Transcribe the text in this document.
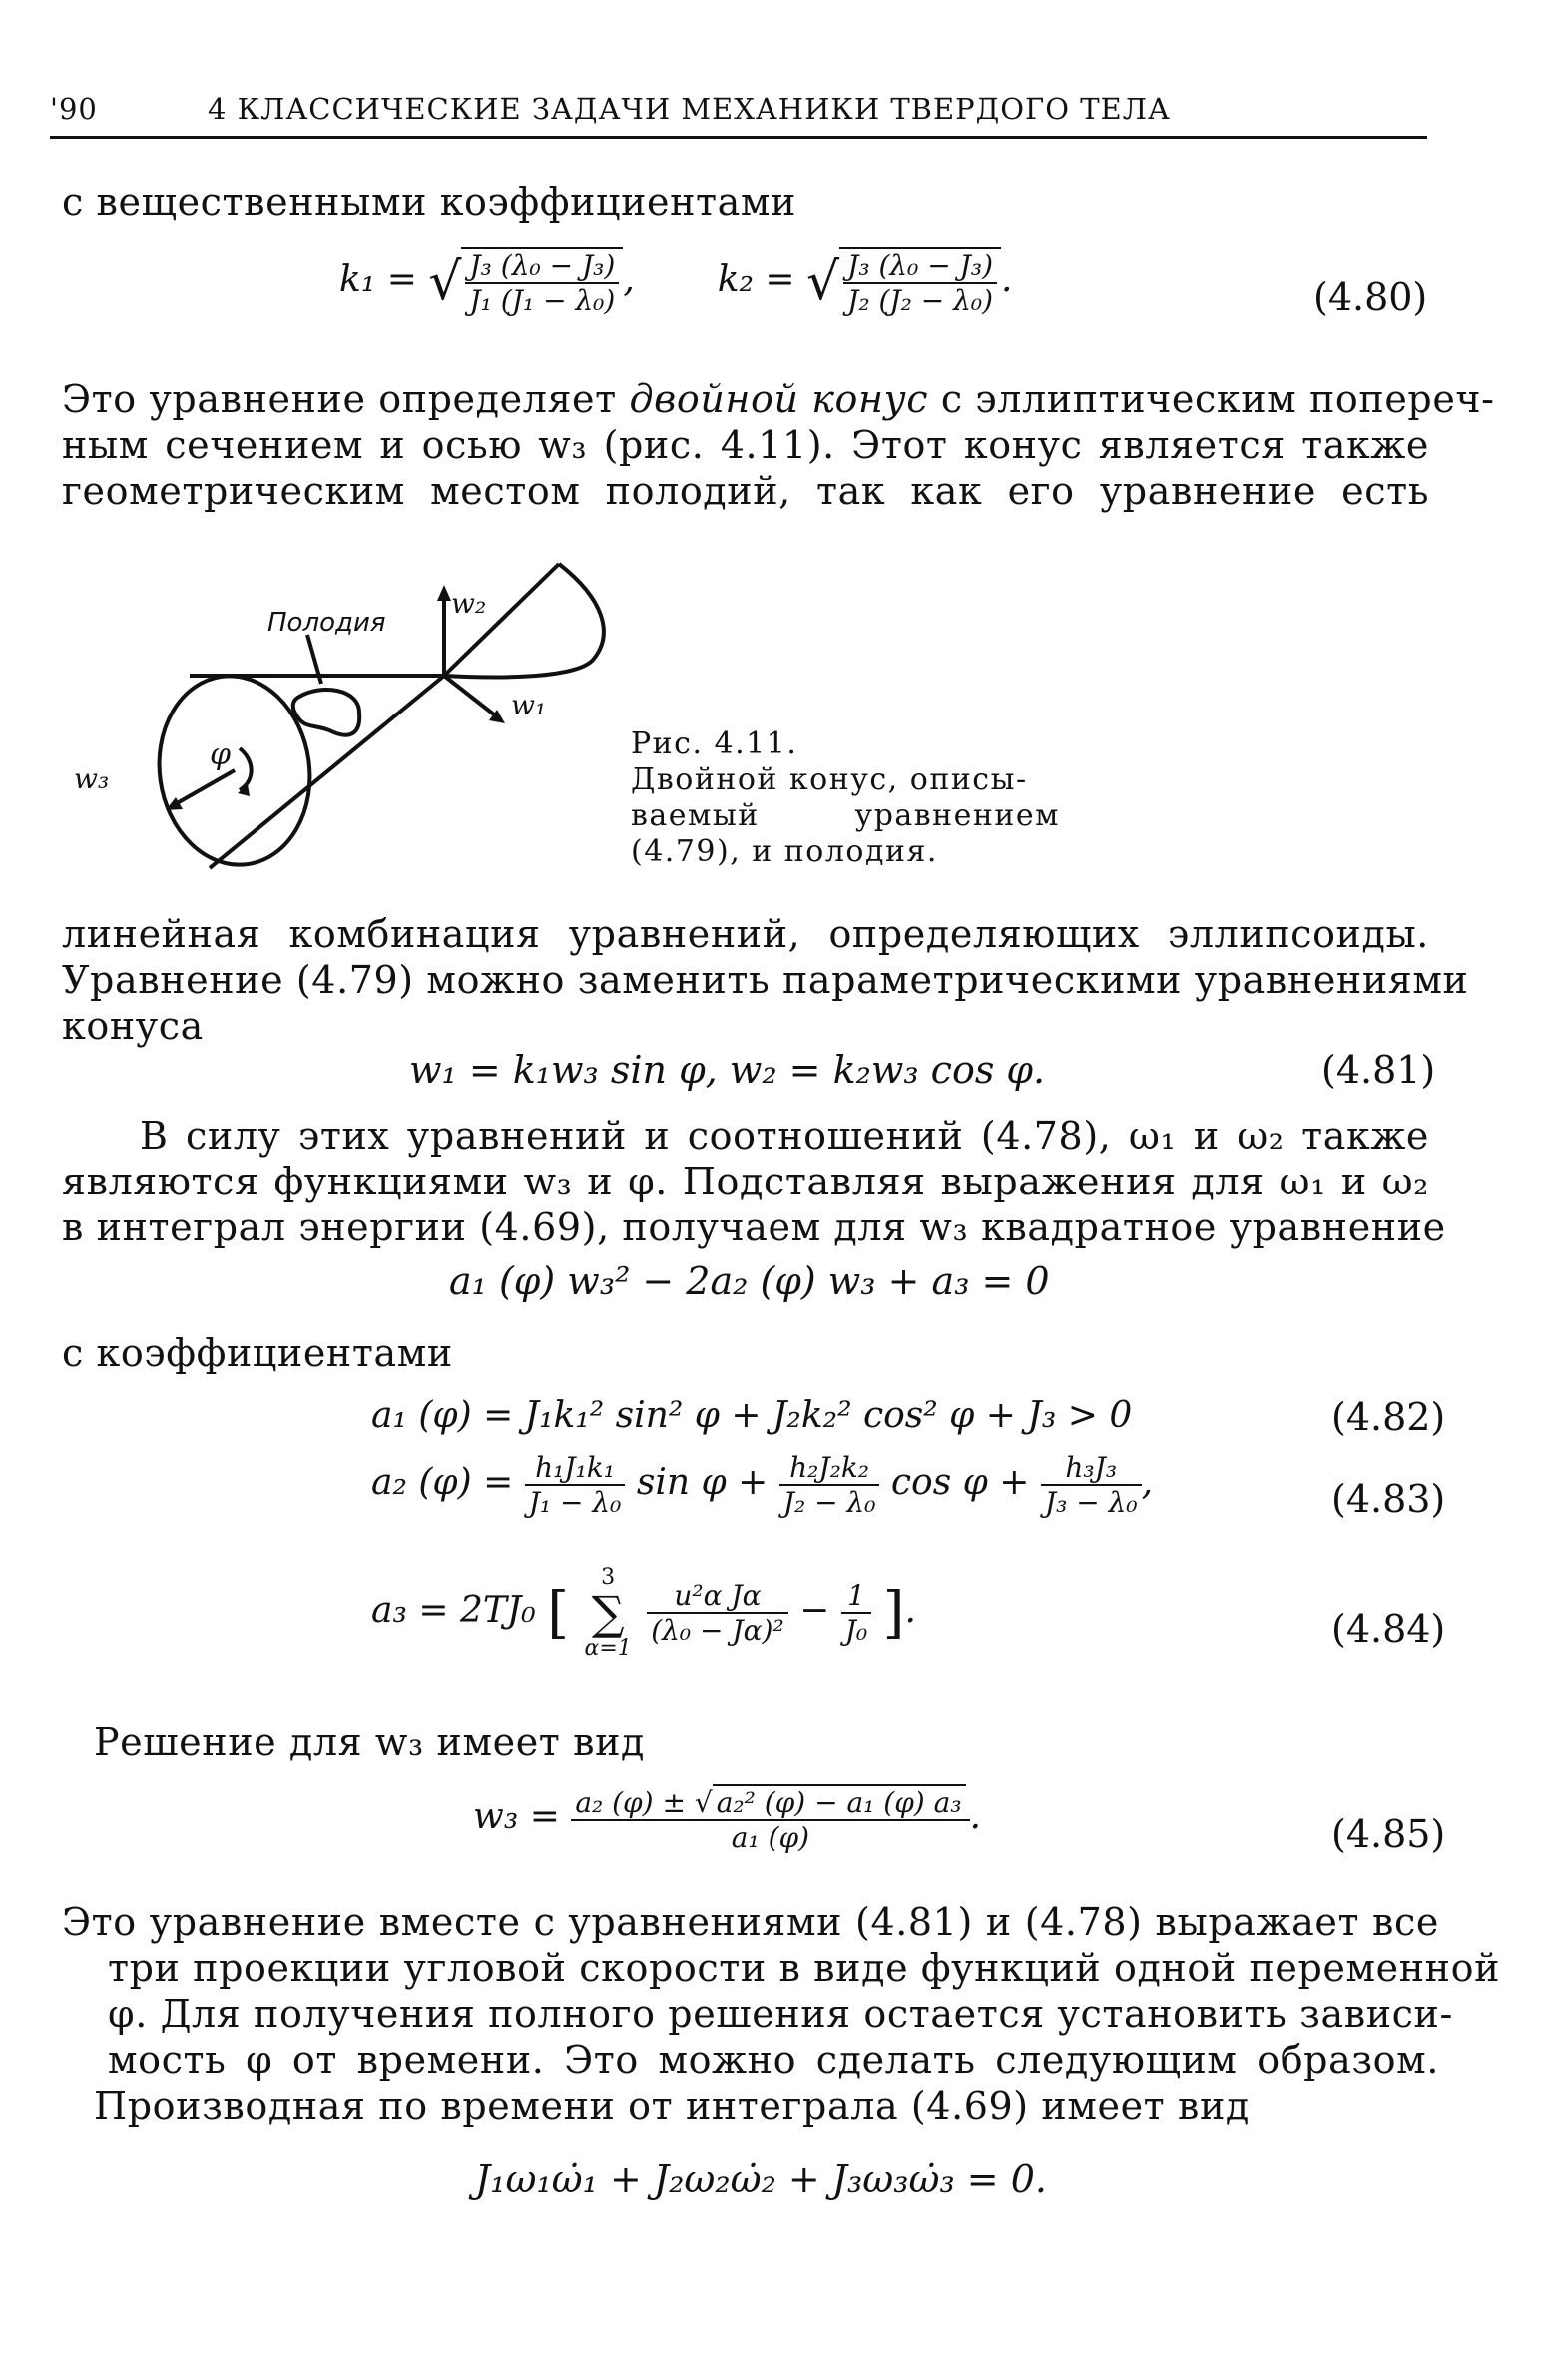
'90	4 КЛАССИЧЕСКИЕ ЗАДАЧИ МЕХАНИКИ ТВЕРДОГО ТЕЛА
с вещественными коэффициентами
k₁ = √ $\frac{\text{J₃ (λ₀ − J₃)}}{\text{J₁ (J₁ − λ₀)}}$ ,  k₂ = √ $\frac{\text{J₃ (λ₀ − J₃)}}{\text{J₂ (J₂ − λ₀)}}$ .	(4.80)
Это уравнение определяет двойной конус с эллиптическим попереч-
ным сечением и осью w₃ (рис. 4.11). Этот конус является также
геометрическим местом полодий, так как его уравнение есть
Полодия
w₂
w₁
w₃
φ	Рис. 4.11.
Двойной конус, описы-
ваемый уравнением
(4.79), и полодия.
линейная комбинация уравнений, определяющих эллипсоиды.
Уравнение (4.79) можно заменить параметрическими уравнениями
конуса
w₁ = k₁w₃ sin φ, w₂ = k₂w₃ cos φ.	(4.81)
В силу этих уравнений и соотношений (4.78), ω₁ и ω₂ также
являются функциями w₃ и φ. Подставляя выражения для ω₁ и ω₂
в интеграл энергии (4.69), получаем для w₃ квадратное уравнение
a₁ (φ) w₃² − 2a₂ (φ) w₃ + a₃ = 0
с коэффициентами
a₁ (φ) = J₁k₁² sin² φ + J₂k₂² cos² φ + J₃ > 0	(4.82)
a₂ $(\varphi) = \frac{\text{h₁J₁k₁}}{\text{J₁ − λ₀}}$ $\sin \varphi + \frac{\text{h₂J₂k₂}}{\text{J₂ − λ₀}}$ $\cos \varphi + \frac{\text{h₃J₃}}{\text{J₃ − λ₀}}$ ,	(4.83)
a₃ = 2TJ₀ [
3
∑
α=1

$\frac{\text{u²α Jα}}{\text{(λ₀ − Jα)²}} - \frac{1}{\text{J₀}}$ ].	(4.84)
Решение для w₃ имеет вид
$w_3 = \frac{\text{a₂ (φ) ± √ a₂² (φ) − a₁ (φ) a₃}}{\text{a₁ (φ)}}$ .	(4.85)
Это уравнение вместе с уравнениями (4.81) и (4.78) выражает все
три проекции угловой скорости в виде функций одной переменной
φ. Для получения полного решения остается установить зависи-
мость φ от времени. Это можно сделать следующим образом.
Производная по времени от интеграла (4.69) имеет вид
J₁ω₁ω̇₁ + J₂ω₂ω̇₂ + J₃ω₃ω̇₃ = 0.
